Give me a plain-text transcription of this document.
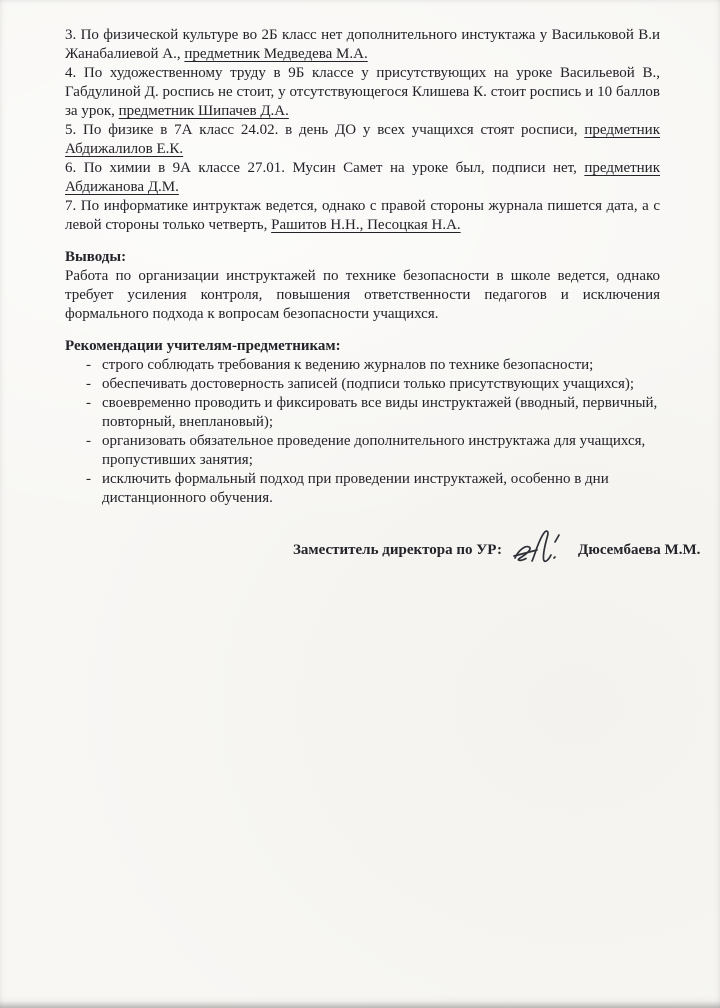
3. По физической культуре во 2Б класс нет дополнительного инстуктажа у Васильковой В.и Жанабалиевой А., предметник Медведева М.А.

4. По художественному труду в 9Б классе у присутствующих на уроке Васильевой В., Габдулиной Д. роспись не стоит, у отсутствующегося Клишева К. стоит роспись и 10 баллов за урок, предметник Шипачев Д.А.

5. По физике в 7А класс 24.02. в день ДО у всех учащихся стоят росписи, предметник Абдижалилов Е.К.

6. По химии в 9А классе 27.01. Мусин Самет на уроке был, подписи нет, предметник Абдижанова Д.М.

7. По информатике интруктаж ведется, однако с правой стороны журнала пишется дата, а с левой стороны только четверть, Рашитов Н.Н., Песоцкая Н.А.

Выводы:

Работа по организации инструктажей по технике безопасности в школе ведется, однако требует усиления контроля, повышения ответственности педагогов и исключения формального подхода к вопросам безопасности учащихся.

Рекомендации учителям-предметникам:

- строго соблюдать требования к ведению журналов по технике безопасности;
- обеспечивать достоверность записей (подписи только присутствующих учащихся);
- своевременно проводить и фиксировать все виды инструктажей (вводный, первичный, повторный, внеплановый);
- организовать обязательное проведение дополнительного инструктажа для учащихся, пропустивших занятия;
- исключить формальный подход при проведении инструктажей, особенно в дни дистанционного обучения.
Заместитель директора по УР:	Дюсембаева М.М.
